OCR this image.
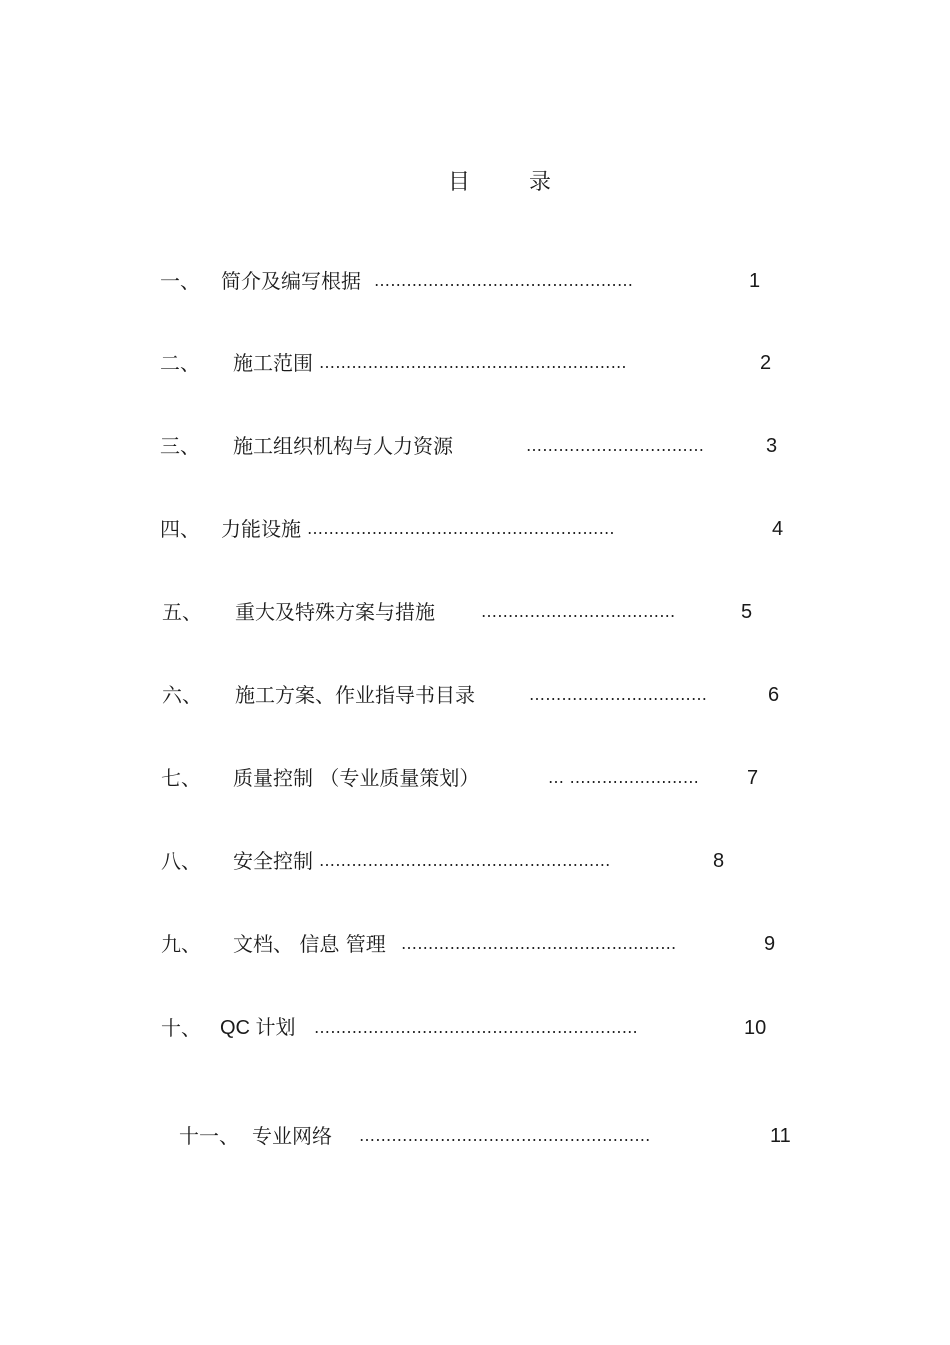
目 录
一、 简介及编写根据 …………………………………………	1
二、 施工范围 …………………………………………………	2
三、 施工组织机构与人力资源	……………………………	3
四、 力能设施 …………………………………………………	4
五、 重大及特殊方案与措施	………………………………	5
六、 施工方案、作业指导书目录	……………………………	6
七、 质量控制 （专业质量策划）	… …………………… 7
八、 安全控制 ………………………………………………	8
九、 文档、 信息 管理 ……………………………………………	9
十、 QC 计划 ……………………………………………………	10
十一、 专业网络 ………………………………………………	11
